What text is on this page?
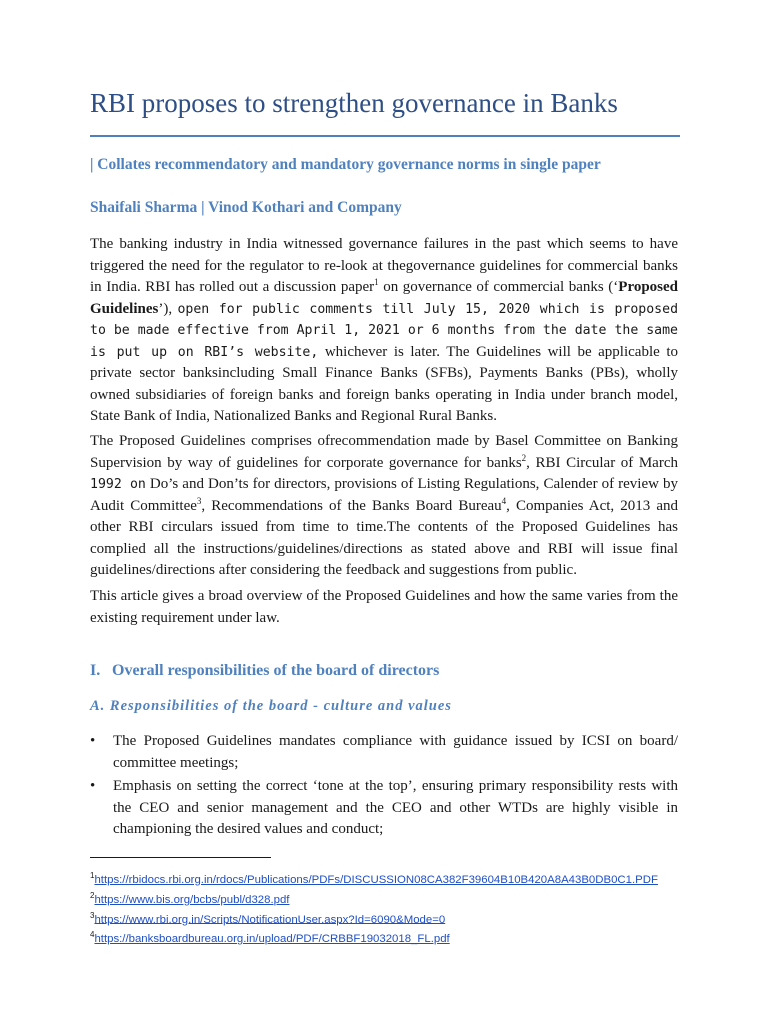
RBI proposes to strengthen governance in Banks
| Collates recommendatory and mandatory governance norms in single paper
Shaifali Sharma | Vinod Kothari and Company

The banking industry in India witnessed governance failures in the past which seems to have triggered the need for the regulator to re-look at thegovernance guidelines for commercial banks in India. RBI has rolled out a discussion paper$^1$ on governance of commercial banks (‘Proposed Guidelines’), open for public comments till July 15, 2020 which is proposed to be made effective from April 1, 2021 or 6 months from the date the same is put up on RBI’s website, whichever is later. The Guidelines will be applicable to private sector banksincluding Small Finance Banks (SFBs), Payments Banks (PBs), wholly owned subsidiaries of foreign banks and foreign banks operating in India under branch model, State Bank of India, Nationalized Banks and Regional Rural Banks.

The Proposed Guidelines comprises ofrecommendation made by Basel Committee on Banking Supervision by way of guidelines for corporate governance for banks$^2$, RBI Circular of March 1992 on Do’s and Don’ts for directors, provisions of Listing Regulations, Calender of review by Audit Committee$^3$, Recommendations of the Banks Board Bureau$^4$, Companies Act, 2013 and other RBI circulars issued from time to time.The contents of the Proposed Guidelines has complied all the instructions/guidelines/directions as stated above and RBI will issue final guidelines/directions after considering the feedback and suggestions from public.

This article gives a broad overview of the Proposed Guidelines and how the same varies from the existing requirement under law.

I. Overall responsibilities of the board of directors
A. Responsibilities of the board - culture and values
• The Proposed Guidelines mandates compliance with guidance issued by ICSI on board/ committee meetings;
• Emphasis on setting the correct ‘tone at the top’, ensuring primary responsibility rests with the CEO and senior management and the CEO and other WTDs are highly visible in championing the desired values and conduct;
$^1$https://rbidocs.rbi.org.in/rdocs/Publications/PDFs/DISCUSSION08CA382F39604B10B420A8A43B0DB0C1.PDF
$^2$https://www.bis.org/bcbs/publ/d328.pdf
$^3$https://www.rbi.org.in/Scripts/NotificationUser.aspx?Id=6090&Mode=0
$^4$https://banksboardbureau.org.in/upload/PDF/CRBBF19032018_FL.pdf
